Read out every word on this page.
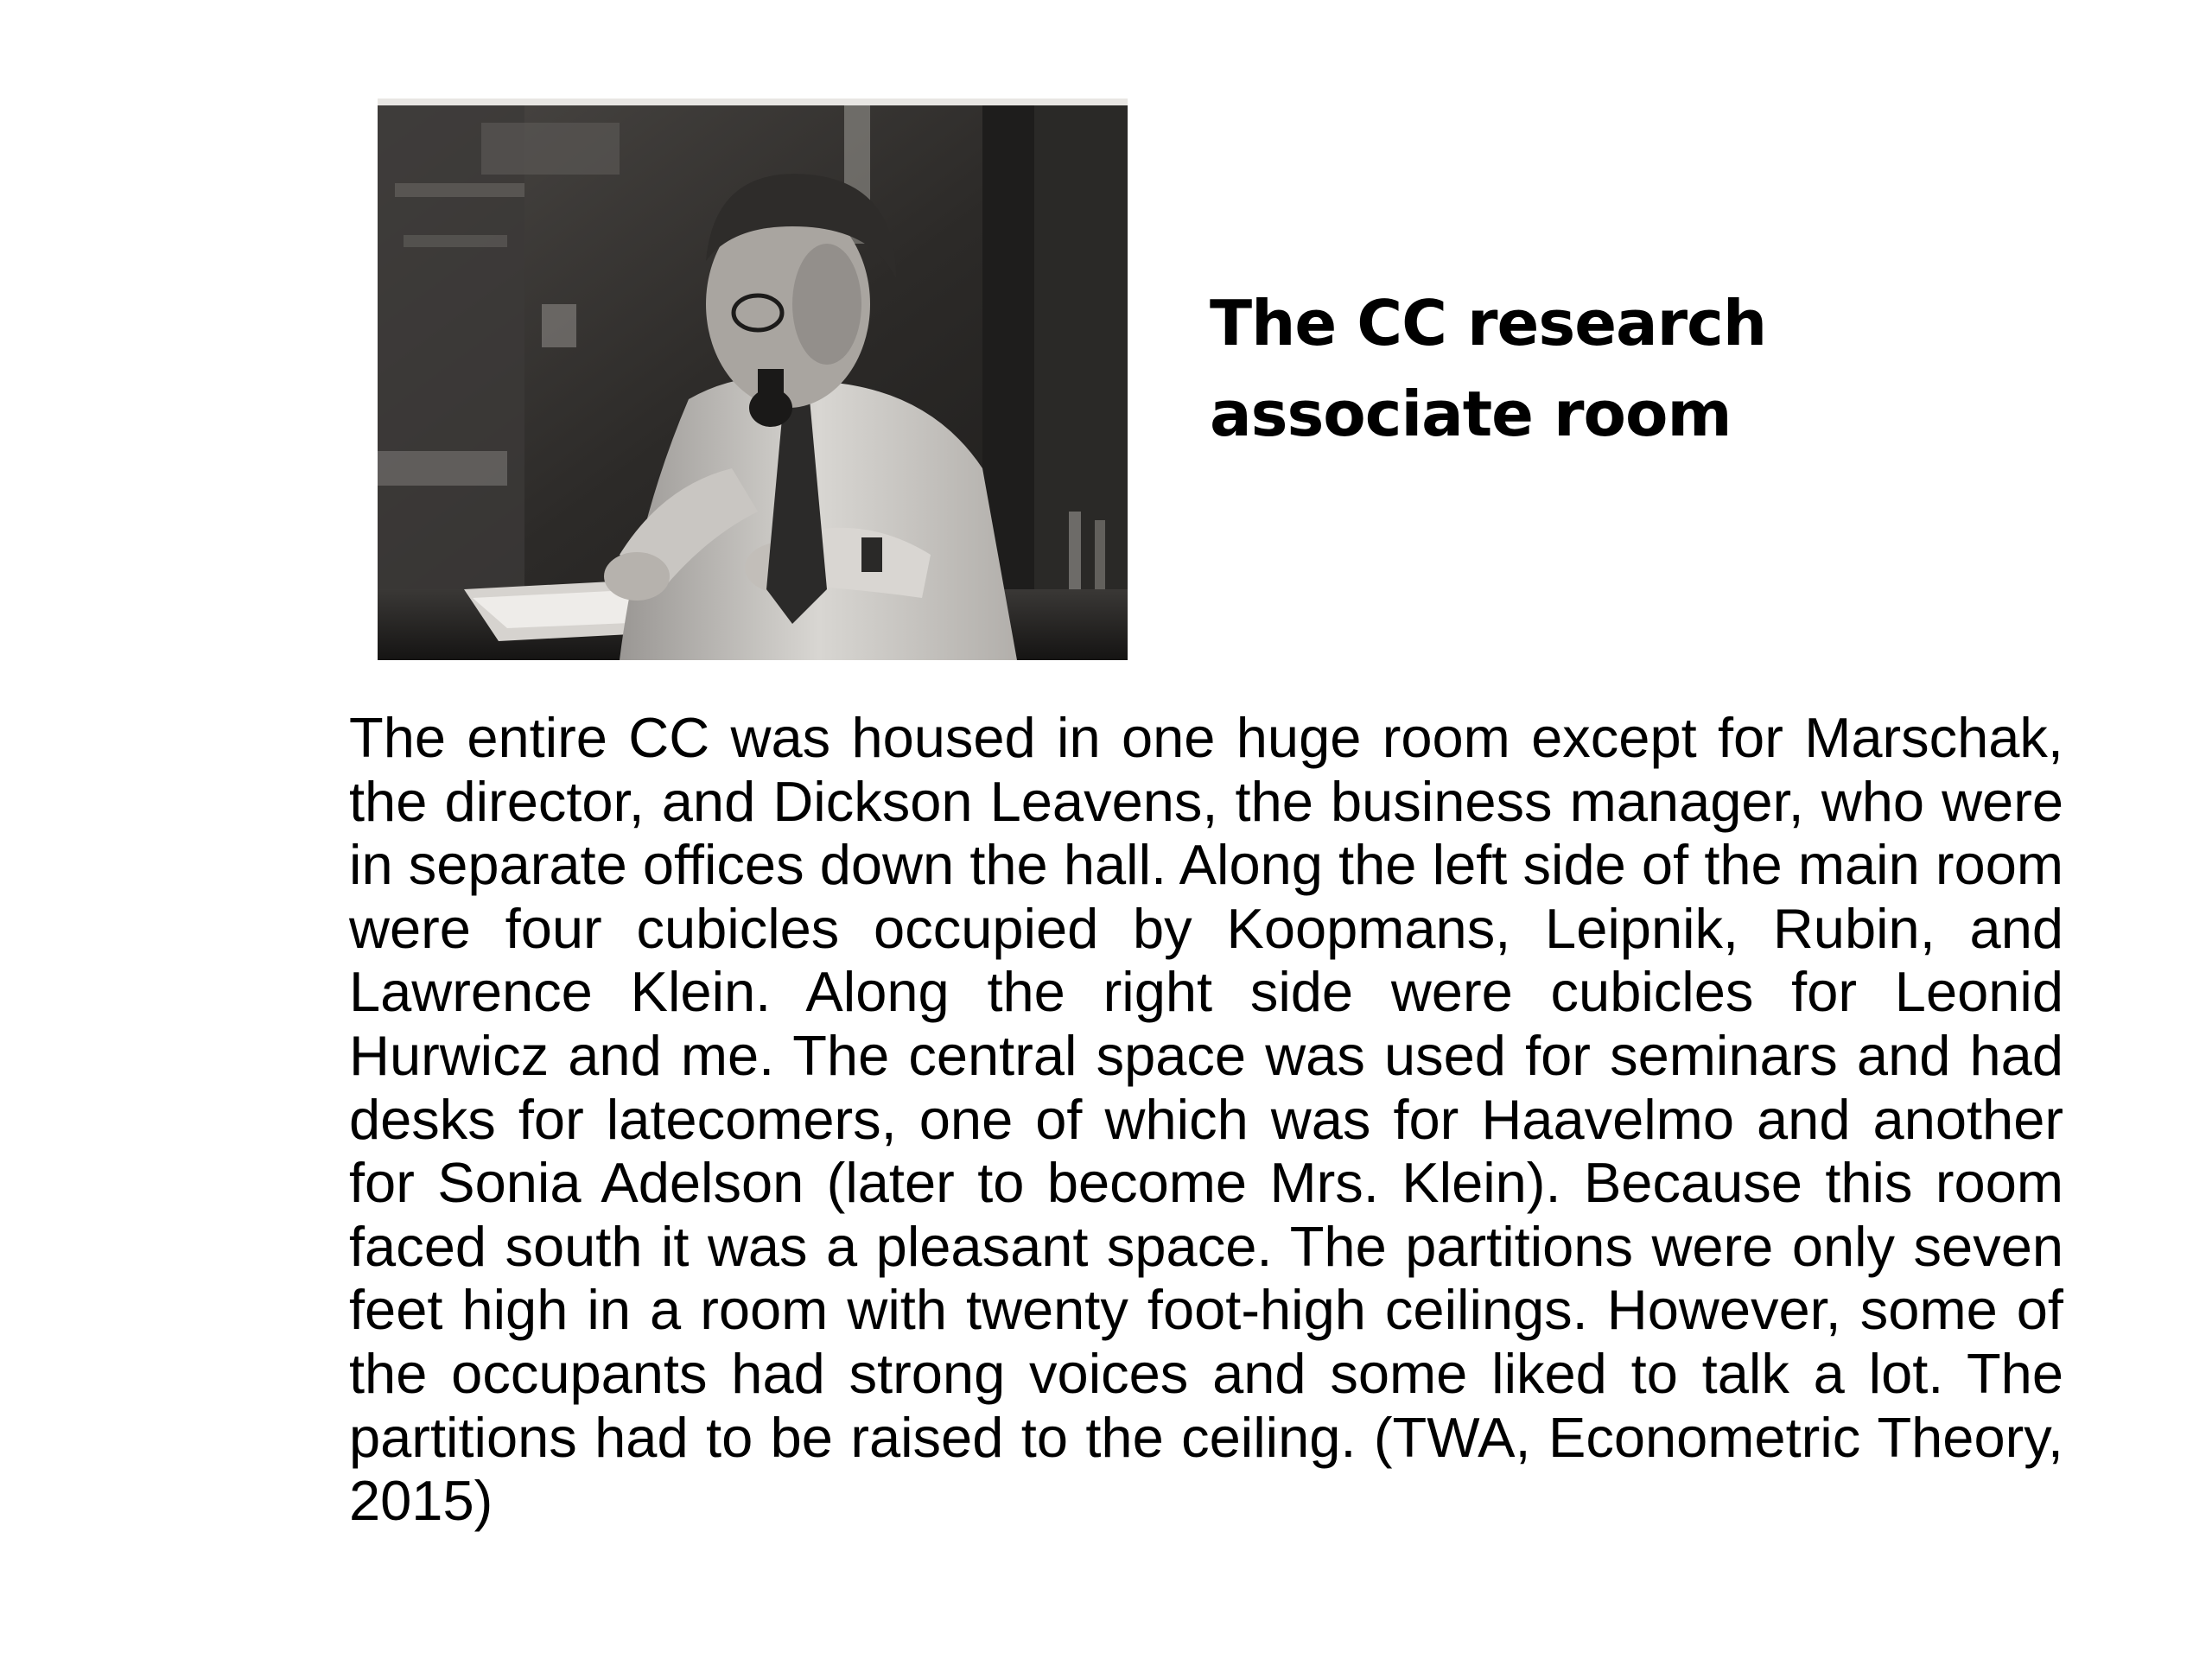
The CC research associate room

The entire CC was housed in one huge room except for Marschak, the director, and Dickson Leavens, the business manager, who were in separate offices down the hall. Along the left side of the main room were four cubicles occupied by Koopmans, Leipnik, Rubin, and Lawrence Klein. Along the right side were cubicles for Leonid Hurwicz and me. The central space was used for seminars and had desks for latecomers, one of which was for Haavelmo and another for Sonia Adelson (later to become Mrs. Klein). Because this room faced south it was a pleasant space. The partitions were only seven feet high in a room with twenty foot-high ceilings. However, some of the occupants had strong voices and some liked to talk a lot. The partitions had to be raised to the ceiling. (TWA, Econometric Theory, 2015)
